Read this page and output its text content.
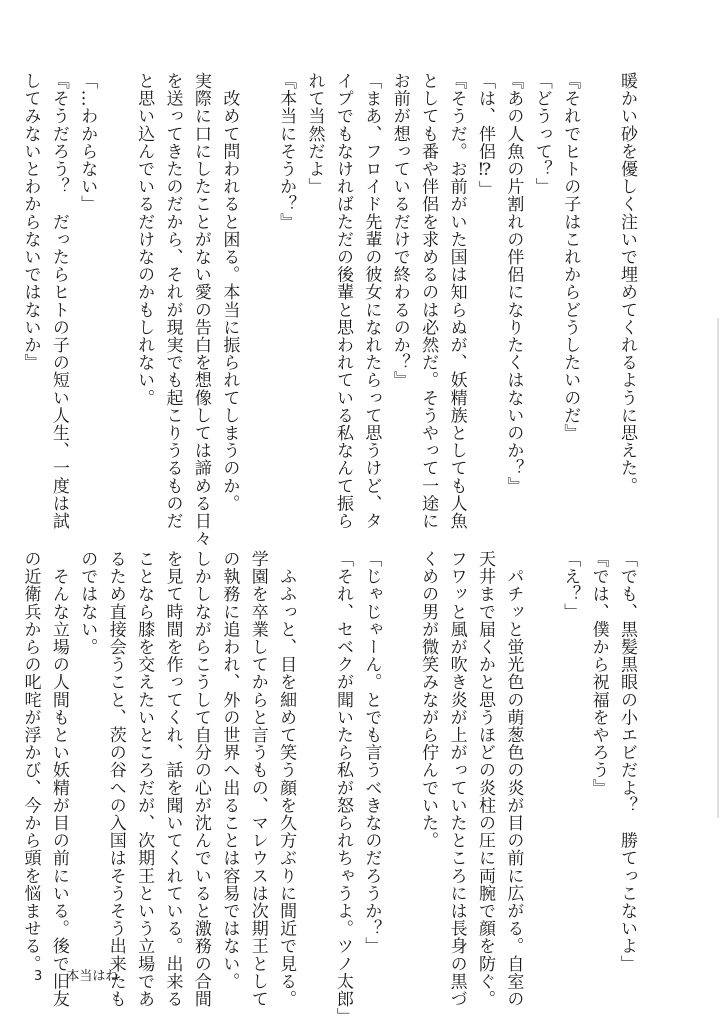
暖かい砂を優しく注いで埋めてくれるように思えた。

『それでヒトの子はこれからどうしたいのだ』
「どうって？」
『あの人魚の片割れの伴侶になりたくはないのか？』
「は、伴侶⁉」
『そうだ。お前がいた国は知らぬが、妖精族としても人魚
としても番や伴侶を求めるのは必然だ。そうやって一途に
お前が想っているだけで終わるのか？』
「まあ、フロイド先輩の彼女になれたらって思うけど、タ
イプでもなければただの後輩と思われている私なんて振ら
れて当然だよ」
『本当にそうか？』

　改めて問われると困る。本当に振られてしまうのか。
実際に口にしたことがない愛の告白を想像しては諦める日々
を送ってきたのだから、それが現実でも起こりうるものだ
と思い込んでいるだけなのかもしれない。

「…わからない」
『そうだろう？　だったらヒトの子の短い人生、一度は試
してみないとわからないではないか』
「でも、黒髪黒眼の小エビだよ？　勝てっこないよ」
『では、僕から祝福をやろう』
「え？」

　パチッと蛍光色の萌葱色の炎が目の前に広がる。自室の
天井まで届くかと思うほどの炎柱の圧に両腕で顔を防ぐ。
フワッと風が吹き炎が上がっていたところには長身の黒づ
くめの男が微笑みながら佇んでいた。

「じゃじゃーん。とでも言うべきなのだろうか？」
「それ、セベクが聞いたら私が怒られちゃうよ。ツノ太郎」

　ふふっと、目を細めて笑う顔を久方ぶりに間近で見る。
学園を卒業してからと言うもの、マレウスは次期王として
の執務に追われ、外の世界へ出ることは容易ではない。
しかしながらこうして自分の心が沈んでいると激務の合間
を見て時間を作ってくれ、話を聞いてくれている。出来る
ことなら膝を交えたいところだが、次期王という立場であ
るため直接会うこと、茨の谷への入国はそうそう出来たも
のではない。
　そんな立場の人間もとい妖精が目の前にいる。後で旧友
の近衛兵からの叱咤が浮かび、今から頭を悩ませる。
3 本当はね
